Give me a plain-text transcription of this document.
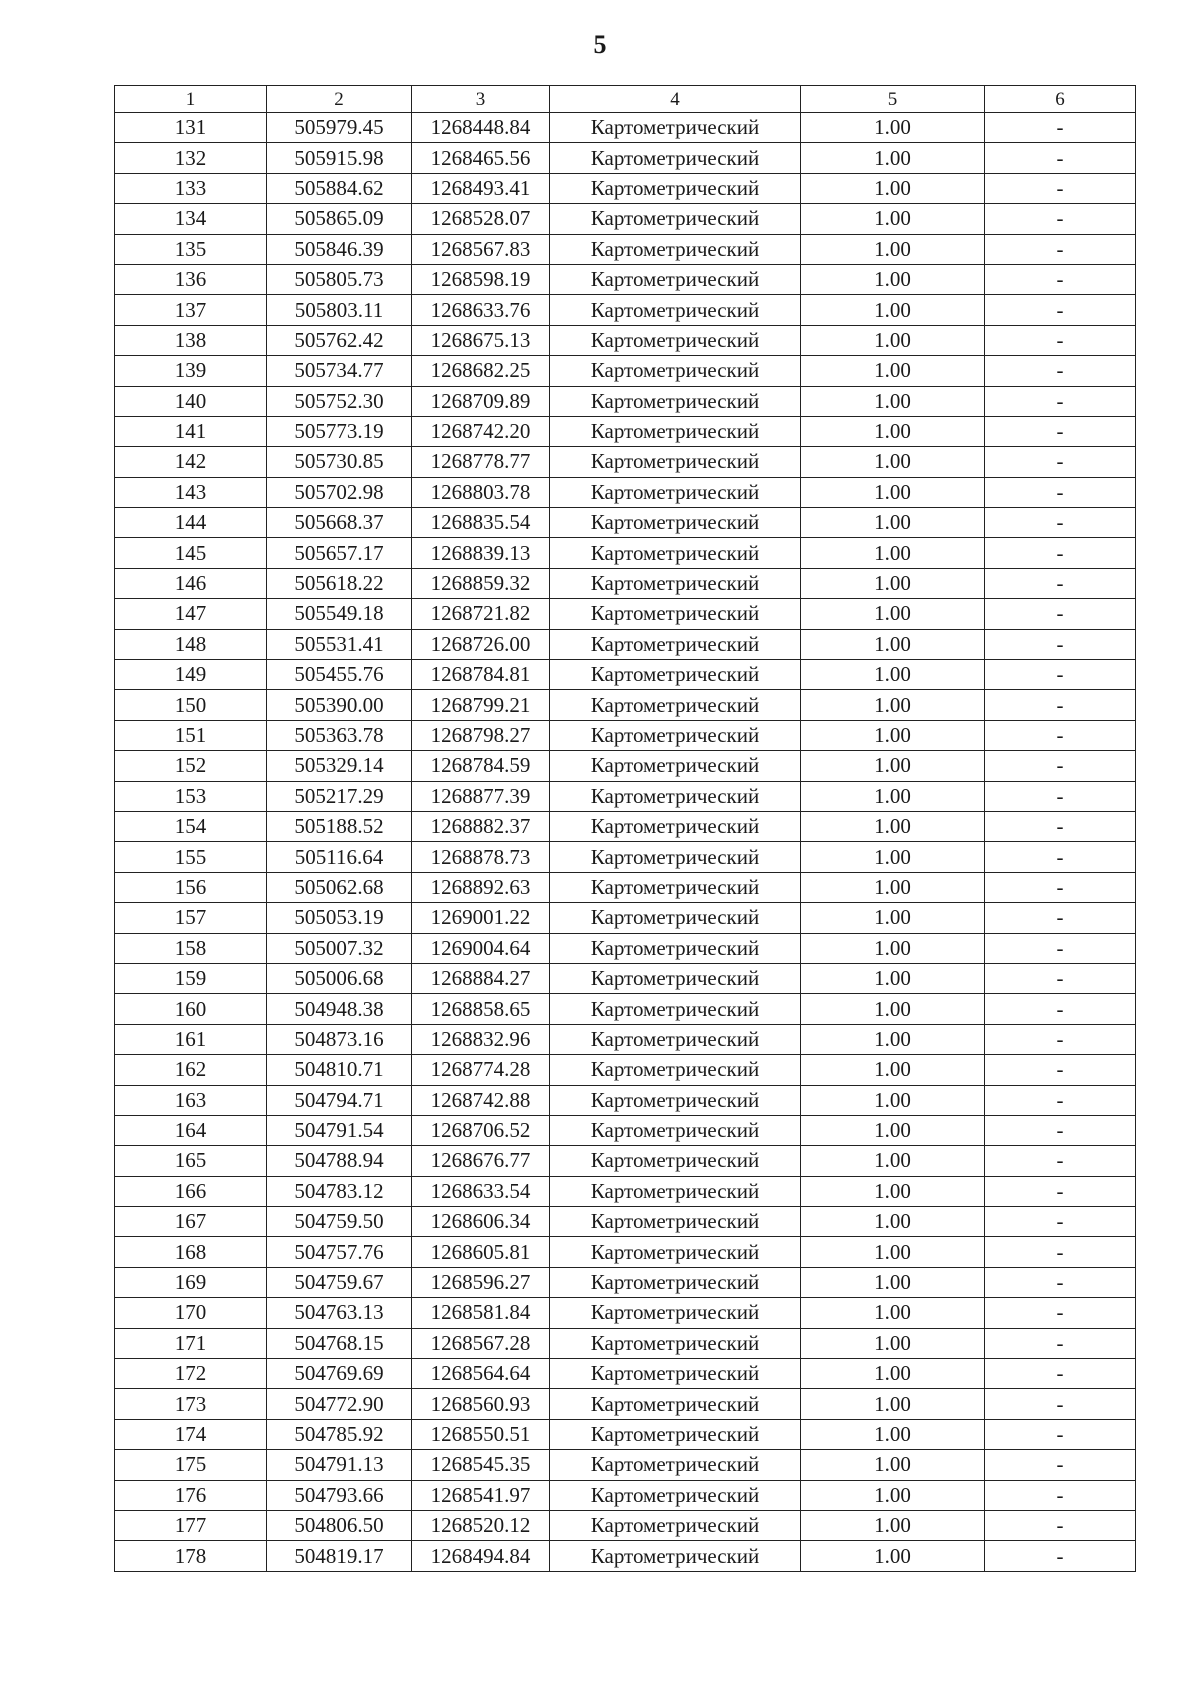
5
1	2	3	4	5	6
131	505979.45	1268448.84	Картометрический	1.00	-
132	505915.98	1268465.56	Картометрический	1.00	-
133	505884.62	1268493.41	Картометрический	1.00	-
134	505865.09	1268528.07	Картометрический	1.00	-
135	505846.39	1268567.83	Картометрический	1.00	-
136	505805.73	1268598.19	Картометрический	1.00	-
137	505803.11	1268633.76	Картометрический	1.00	-
138	505762.42	1268675.13	Картометрический	1.00	-
139	505734.77	1268682.25	Картометрический	1.00	-
140	505752.30	1268709.89	Картометрический	1.00	-
141	505773.19	1268742.20	Картометрический	1.00	-
142	505730.85	1268778.77	Картометрический	1.00	-
143	505702.98	1268803.78	Картометрический	1.00	-
144	505668.37	1268835.54	Картометрический	1.00	-
145	505657.17	1268839.13	Картометрический	1.00	-
146	505618.22	1268859.32	Картометрический	1.00	-
147	505549.18	1268721.82	Картометрический	1.00	-
148	505531.41	1268726.00	Картометрический	1.00	-
149	505455.76	1268784.81	Картометрический	1.00	-
150	505390.00	1268799.21	Картометрический	1.00	-
151	505363.78	1268798.27	Картометрический	1.00	-
152	505329.14	1268784.59	Картометрический	1.00	-
153	505217.29	1268877.39	Картометрический	1.00	-
154	505188.52	1268882.37	Картометрический	1.00	-
155	505116.64	1268878.73	Картометрический	1.00	-
156	505062.68	1268892.63	Картометрический	1.00	-
157	505053.19	1269001.22	Картометрический	1.00	-
158	505007.32	1269004.64	Картометрический	1.00	-
159	505006.68	1268884.27	Картометрический	1.00	-
160	504948.38	1268858.65	Картометрический	1.00	-
161	504873.16	1268832.96	Картометрический	1.00	-
162	504810.71	1268774.28	Картометрический	1.00	-
163	504794.71	1268742.88	Картометрический	1.00	-
164	504791.54	1268706.52	Картометрический	1.00	-
165	504788.94	1268676.77	Картометрический	1.00	-
166	504783.12	1268633.54	Картометрический	1.00	-
167	504759.50	1268606.34	Картометрический	1.00	-
168	504757.76	1268605.81	Картометрический	1.00	-
169	504759.67	1268596.27	Картометрический	1.00	-
170	504763.13	1268581.84	Картометрический	1.00	-
171	504768.15	1268567.28	Картометрический	1.00	-
172	504769.69	1268564.64	Картометрический	1.00	-
173	504772.90	1268560.93	Картометрический	1.00	-
174	504785.92	1268550.51	Картометрический	1.00	-
175	504791.13	1268545.35	Картометрический	1.00	-
176	504793.66	1268541.97	Картометрический	1.00	-
177	504806.50	1268520.12	Картометрический	1.00	-
178	504819.17	1268494.84	Картометрический	1.00	-
